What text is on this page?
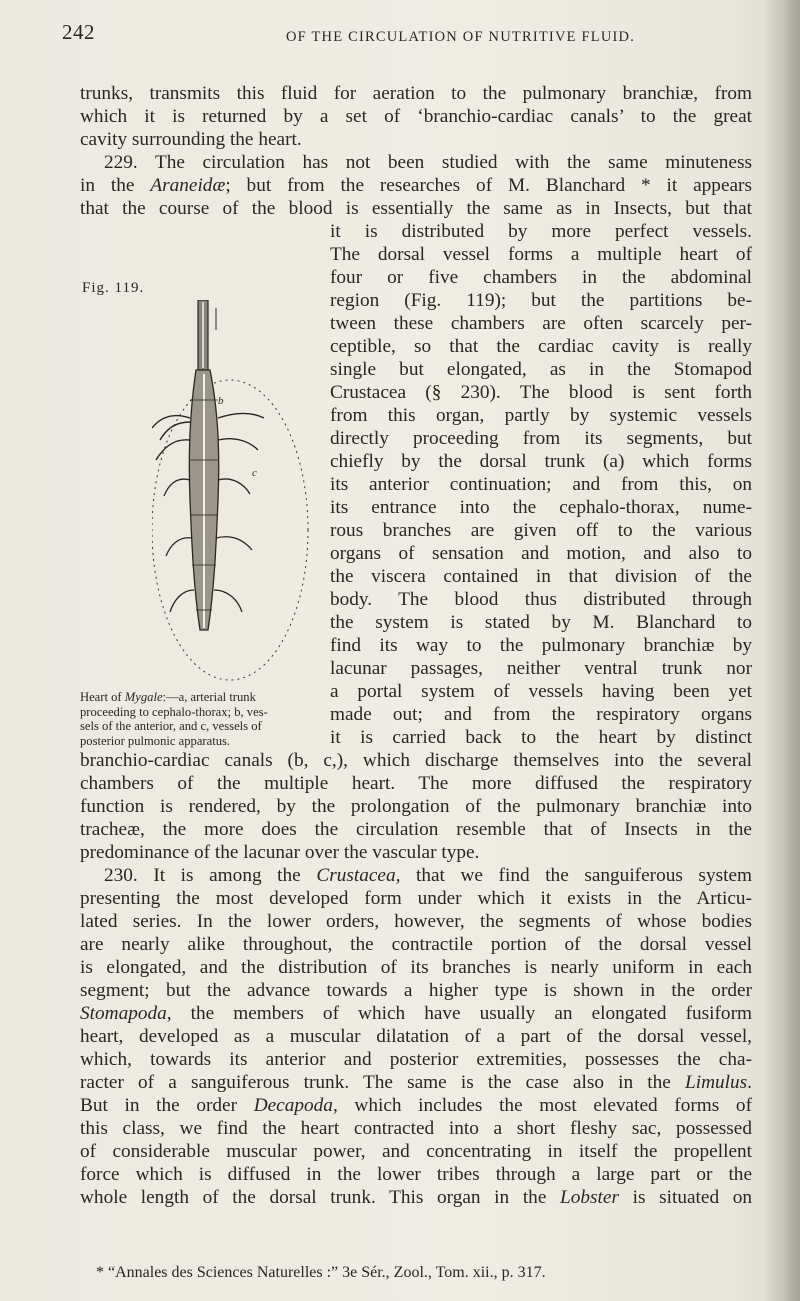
242	OF THE CIRCULATION OF NUTRITIVE FLUID.
trunks, transmits this fluid for aeration to the pulmonary branchiæ, from
which it is returned by a set of ‘branchio-cardiac canals’ to the great
cavity surrounding the heart.
229. The circulation has not been studied with the same minuteness
in the Araneidæ; but from the researches of M. Blanchard * it appears
that the course of the blood is essentially the same as in Insects, but that
it is distributed by more perfect vessels.
The dorsal vessel forms a multiple heart of
four or five chambers in the abdominal
region (Fig. 119); but the partitions be-
tween these chambers are often scarcely per-
ceptible, so that the cardiac cavity is really
single but elongated, as in the Stomapod
Crustacea (§ 230). The blood is sent forth
from this organ, partly by systemic vessels
directly proceeding from its segments, but
chiefly by the dorsal trunk (a) which forms
its anterior continuation; and from this, on
its entrance into the cephalo-thorax, nume-
rous branches are given off to the various
organs of sensation and motion, and also to
the viscera contained in that division of the
body. The blood thus distributed through
the system is stated by M. Blanchard to
find its way to the pulmonary branchiæ by
lacunar passages, neither ventral trunk nor
a portal system of vessels having been yet
made out; and from the respiratory organs
it is carried back to the heart by distinct
branchio-cardiac canals (b, c,), which discharge themselves into the several
chambers of the multiple heart. The more diffused the respiratory
function is rendered, by the prolongation of the pulmonary branchiæ into
tracheæ, the more does the circulation resemble that of Insects in the
predominance of the lacunar over the vascular type.
230. It is among the Crustacea, that we find the sanguiferous system
presenting the most developed form under which it exists in the Articu-
lated series. In the lower orders, however, the segments of whose bodies
are nearly alike throughout, the contractile portion of the dorsal vessel
is elongated, and the distribution of its branches is nearly uniform in each
segment; but the advance towards a higher type is shown in the order
Stomapoda, the members of which have usually an elongated fusiform
heart, developed as a muscular dilatation of a part of the dorsal vessel,
which, towards its anterior and posterior extremities, possesses the cha-
racter of a sanguiferous trunk. The same is the case also in the Limulus.
But in the order Decapoda, which includes the most elevated forms of
this class, we find the heart contracted into a short fleshy sac, possessed
of considerable muscular power, and concentrating in itself the propellent
force which is diffused in the lower tribes through a large part or the
whole length of the dorsal trunk. This organ in the Lobster is situated on
Fig. 119.
b
c
Heart of Mygale:—a, arterial trunk
proceeding to cephalo-thorax; b, ves-
sels of the anterior, and c, vessels of
posterior pulmonic apparatus.
* “Annales des Sciences Naturelles :” 3e Sér., Zool., Tom. xii., p. 317.
